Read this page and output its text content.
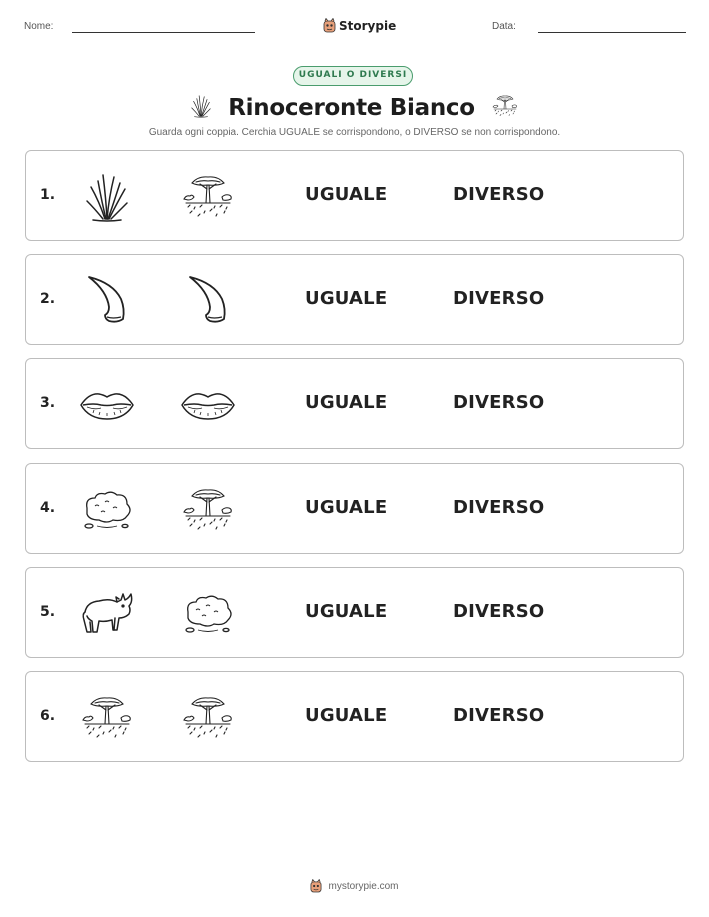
Nome:	Storypie	Data:
UGUALI O DIVERSI
Rinoceronte Bianco
Guarda ogni coppia. Cerchia UGUALE se corrispondono, o DIVERSO se non corrispondono.
1.	UGUALE	DIVERSO
2.	UGUALE	DIVERSO
3.	UGUALE	DIVERSO
4.	UGUALE	DIVERSO
5.	UGUALE	DIVERSO
6.	UGUALE	DIVERSO
mystorypie.com
